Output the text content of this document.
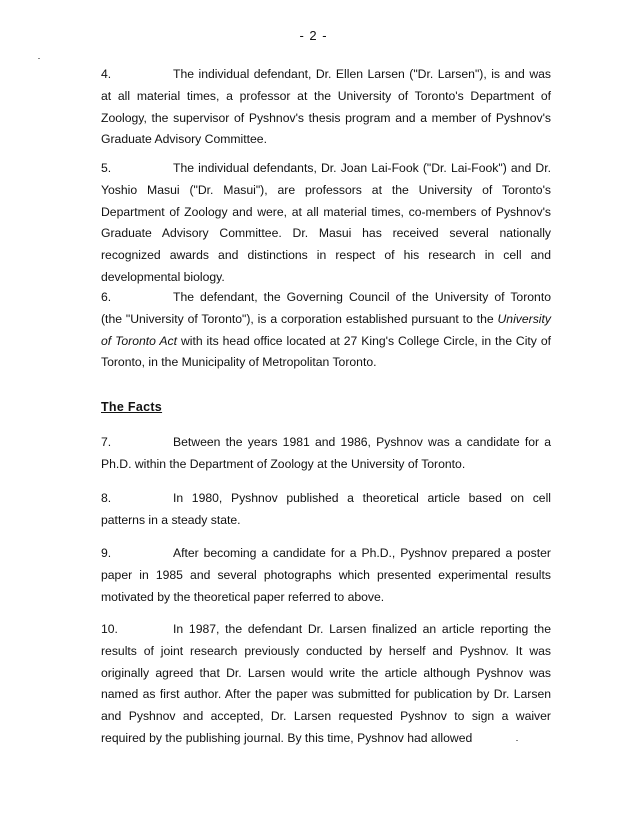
- 2 -

4.	The individual defendant, Dr. Ellen Larsen ("Dr. Larsen"), is and was at all material times, a professor at the University of Toronto's Department of Zoology, the supervisor of Pyshnov's thesis program and a member of Pyshnov's Graduate Advisory Committee.

5.	The individual defendants, Dr. Joan Lai-Fook ("Dr. Lai-Fook") and Dr. Yoshio Masui ("Dr. Masui"), are professors at the University of Toronto's Department of Zoology and were, at all material times, co-members of Pyshnov's Graduate Advisory Committee. Dr. Masui has received several nationally recognized awards and distinctions in respect of his research in cell and developmental biology.

6.	The defendant, the Governing Council of the University of Toronto (the "University of Toronto"), is a corporation established pursuant to the University of Toronto Act with its head office located at 27 King's College Circle, in the City of Toronto, in the Municipality of Metropolitan Toronto.

The Facts

7.	Between the years 1981 and 1986, Pyshnov was a candidate for a Ph.D. within the Department of Zoology at the University of Toronto.

8.	In 1980, Pyshnov published a theoretical article based on cell patterns in a steady state.

9.	After becoming a candidate for a Ph.D., Pyshnov prepared a poster paper in 1985 and several photographs which presented experimental results motivated by the theoretical paper referred to above.

10.	In 1987, the defendant Dr. Larsen finalized an article reporting the results of joint research previously conducted by herself and Pyshnov. It was originally agreed that Dr. Larsen would write the article although Pyshnov was named as first author. After the paper was submitted for publication by Dr. Larsen and Pyshnov and accepted, Dr. Larsen requested Pyshnov to sign a waiver required by the publishing journal. By this time, Pyshnov had allowed
